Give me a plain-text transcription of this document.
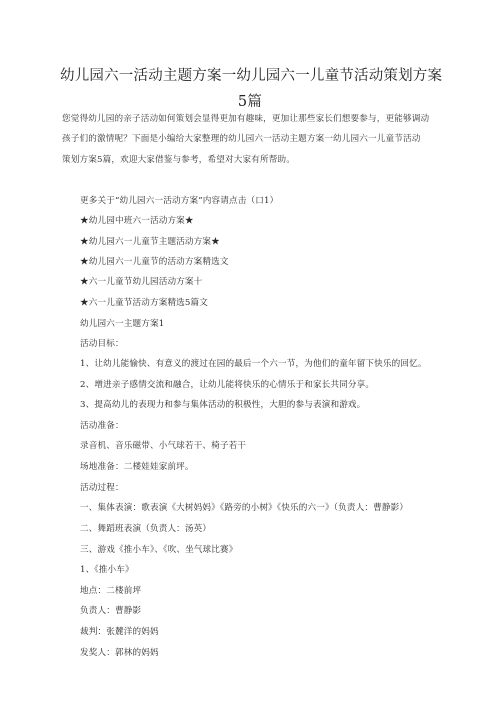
幼儿园六一活动主题方案一幼儿园六一儿童节活动策划方案
5篇
您觉得幼儿园的亲子活动如何策划会显得更加有趣味，更加让那些家长们想要参与，更能够调动
孩子们的激情呢？下面是小编给大家整理的幼儿园六一活动主题方案一幼儿园六一儿童节活动
策划方案5篇，欢迎大家借鉴与参考，希望对大家有所帮助。
更多关于“幼儿园六一活动方案”内容请点击（口1）
★幼儿园中班六一活动方案★
★幼儿园六一儿童节主题活动方案★
★幼儿园六一儿童节的活动方案精选文
★六一儿童节幼儿园活动方案十
★六一儿童节活动方案精选5篇文
幼儿园六一主题方案1
活动目标：
1、让幼儿能愉快、有意义的渡过在园的最后一个六一节，为他们的童年留下快乐的回忆。
2、增进亲子感情交流和融合，让幼儿能将快乐的心情乐于和家长共同分享。
3、提高幼儿的表现力和参与集体活动的积极性，大胆的参与表演和游戏。
活动准备：
录音机、音乐磁带、小气球若干、椅子若干
场地准备：二楼娃娃家前坪。
活动过程：
一、集体表演：歌表演《大树妈妈》《路旁的小树》《快乐的六一》（负责人：曹静影）
二、舞蹈班表演（负责人：汤英）
三、游戏《推小车》、《吹、坐气球比赛》
1、《推小车》
地点：二楼前坪
负责人：曹静影
裁判：张麓洋的妈妈
发奖人：郭林的妈妈
